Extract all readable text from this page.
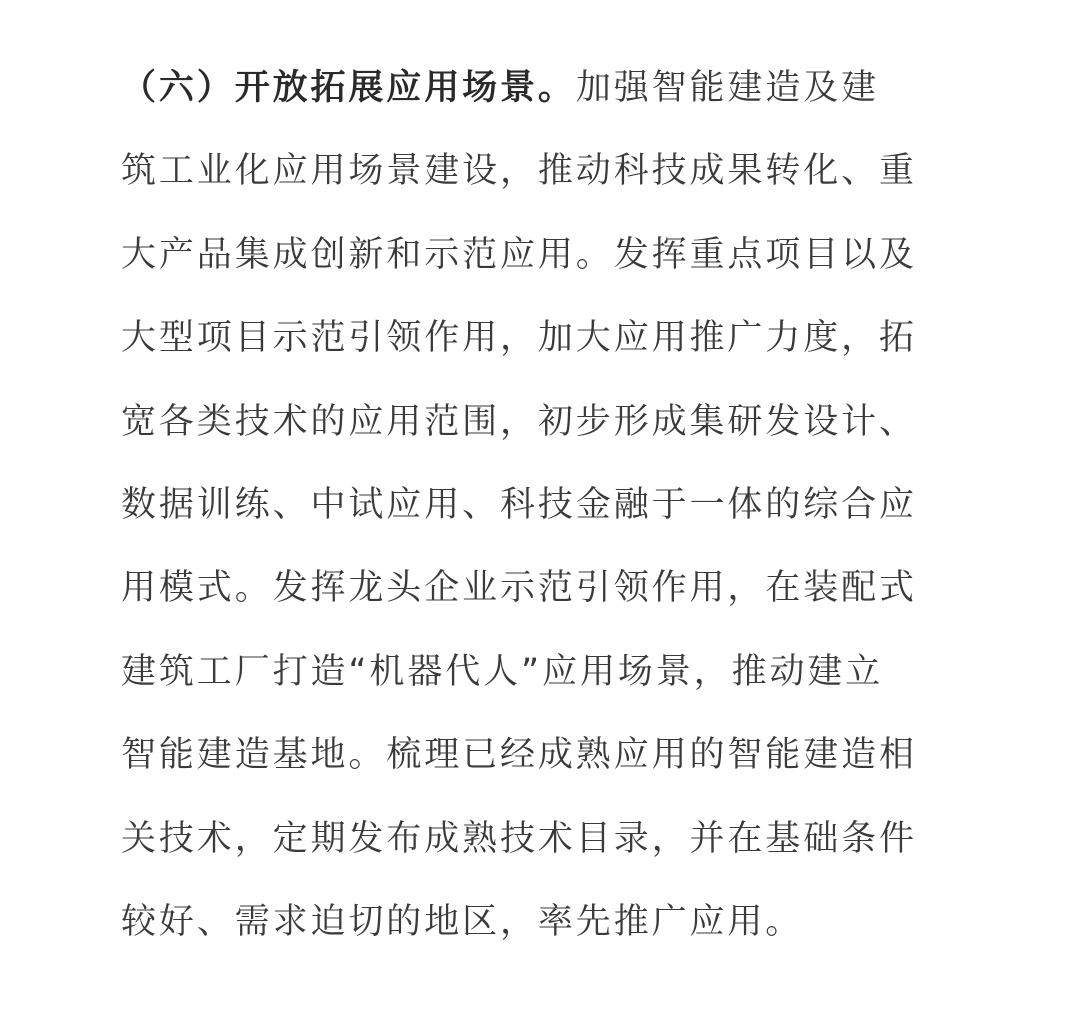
（六）开放拓展应用场景。加强智能建造及建
筑工业化应用场景建设，推动科技成果转化、重
大产品集成创新和示范应用。发挥重点项目以及
大型项目示范引领作用，加大应用推广力度，拓
宽各类技术的应用范围，初步形成集研发设计、
数据训练、中试应用、科技金融于一体的综合应
用模式。发挥龙头企业示范引领作用，在装配式
建筑工厂打造“机器代人”应用场景，推动建立
智能建造基地。梳理已经成熟应用的智能建造相
关技术，定期发布成熟技术目录，并在基础条件
较好、需求迫切的地区，率先推广应用。
